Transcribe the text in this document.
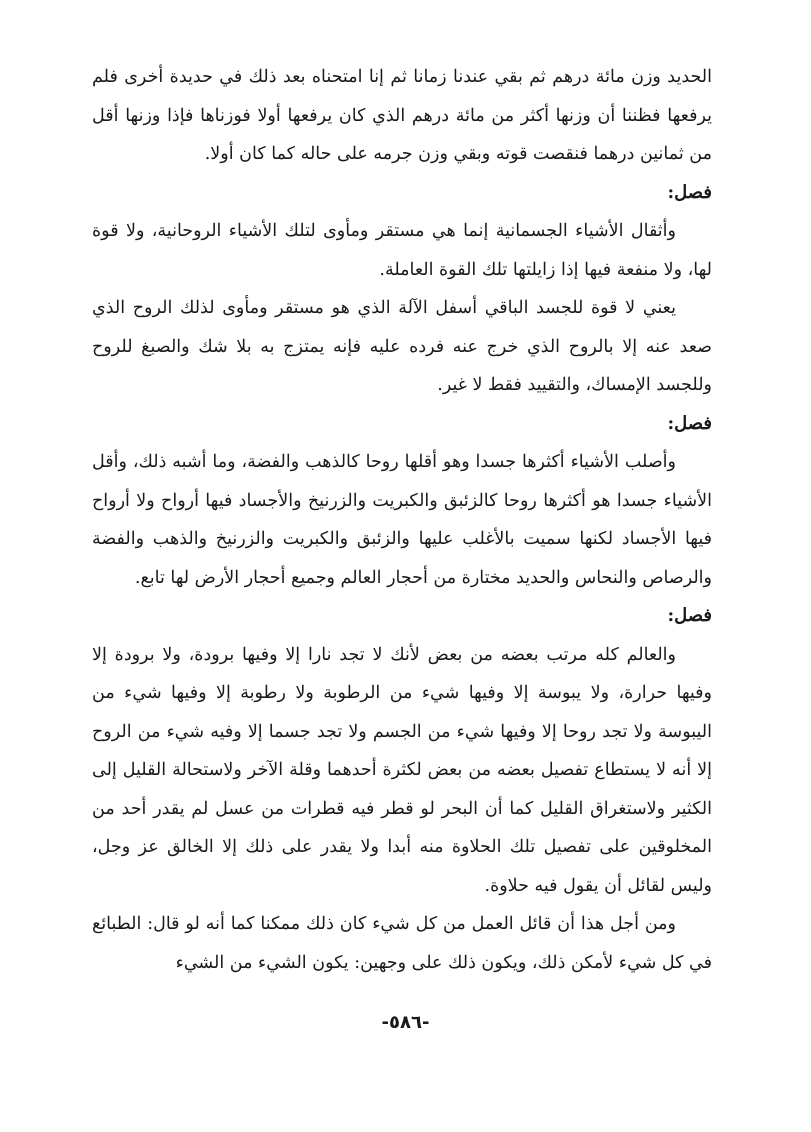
الحديد وزن مائة درهم ثم بقي عندنا زمانا ثم إنا امتحناه بعد ذلك في حديدة أخرى فلم يرفعها فظننا أن وزنها أكثر من مائة درهم الذي كان يرفعها أولا فوزناها فإذا وزنها أقل من ثمانين درهما فنقصت قوته وبقي وزن جرمه على حاله كما كان أولا.

فصل:

وأثقال الأشياء الجسمانية إنما هي مستقر ومأوى لتلك الأشياء الروحانية، ولا قوة لها، ولا منفعة فيها إذا زايلتها تلك القوة العاملة.

يعني لا قوة للجسد الباقي أسفل الآلة الذي هو مستقر ومأوى لذلك الروح الذي صعد عنه إلا بالروح الذي خرج عنه فرده عليه فإنه يمتزج به بلا شك والصبغ للروح وللجسد الإمساك، والتقييد فقط لا غير.

فصل:

وأصلب الأشياء أكثرها جسدا وهو أقلها روحا كالذهب والفضة، وما أشبه ذلك، وأقل الأشياء جسدا هو أكثرها روحا كالزئبق والكبريت والزرنيخ والأجساد فيها أرواح ولا أرواح فيها الأجساد لكنها سميت بالأغلب عليها والزئبق والكبريت والزرنيخ والذهب والفضة والرصاص والنحاس والحديد مختارة من أحجار العالم وجميع أحجار الأرض لها تابع.

فصل:

والعالم كله مرتب بعضه من بعض لأنك لا تجد نارا إلا وفيها برودة، ولا برودة إلا وفيها حرارة، ولا يبوسة إلا وفيها شيء من الرطوبة ولا رطوبة إلا وفيها شيء من اليبوسة ولا تجد روحا إلا وفيها شيء من الجسم ولا تجد جسما إلا وفيه شيء من الروح إلا أنه لا يستطاع تفصيل بعضه من بعض لكثرة أحدهما وقلة الآخر ولاستحالة القليل إلى الكثير ولاستغراق القليل كما أن البحر لو قطر فيه قطرات من عسل لم يقدر أحد من المخلوقين على تفصيل تلك الحلاوة منه أبدا ولا يقدر على ذلك إلا الخالق عز وجل، وليس لقائل أن يقول فيه حلاوة.

ومن أجل هذا أن قائل العمل من كل شيء كان ذلك ممكنا كما أنه لو قال: الطبائع في كل شيء لأمكن ذلك، ويكون ذلك على وجهين: يكون الشيء من الشيء

-٥٨٦-
